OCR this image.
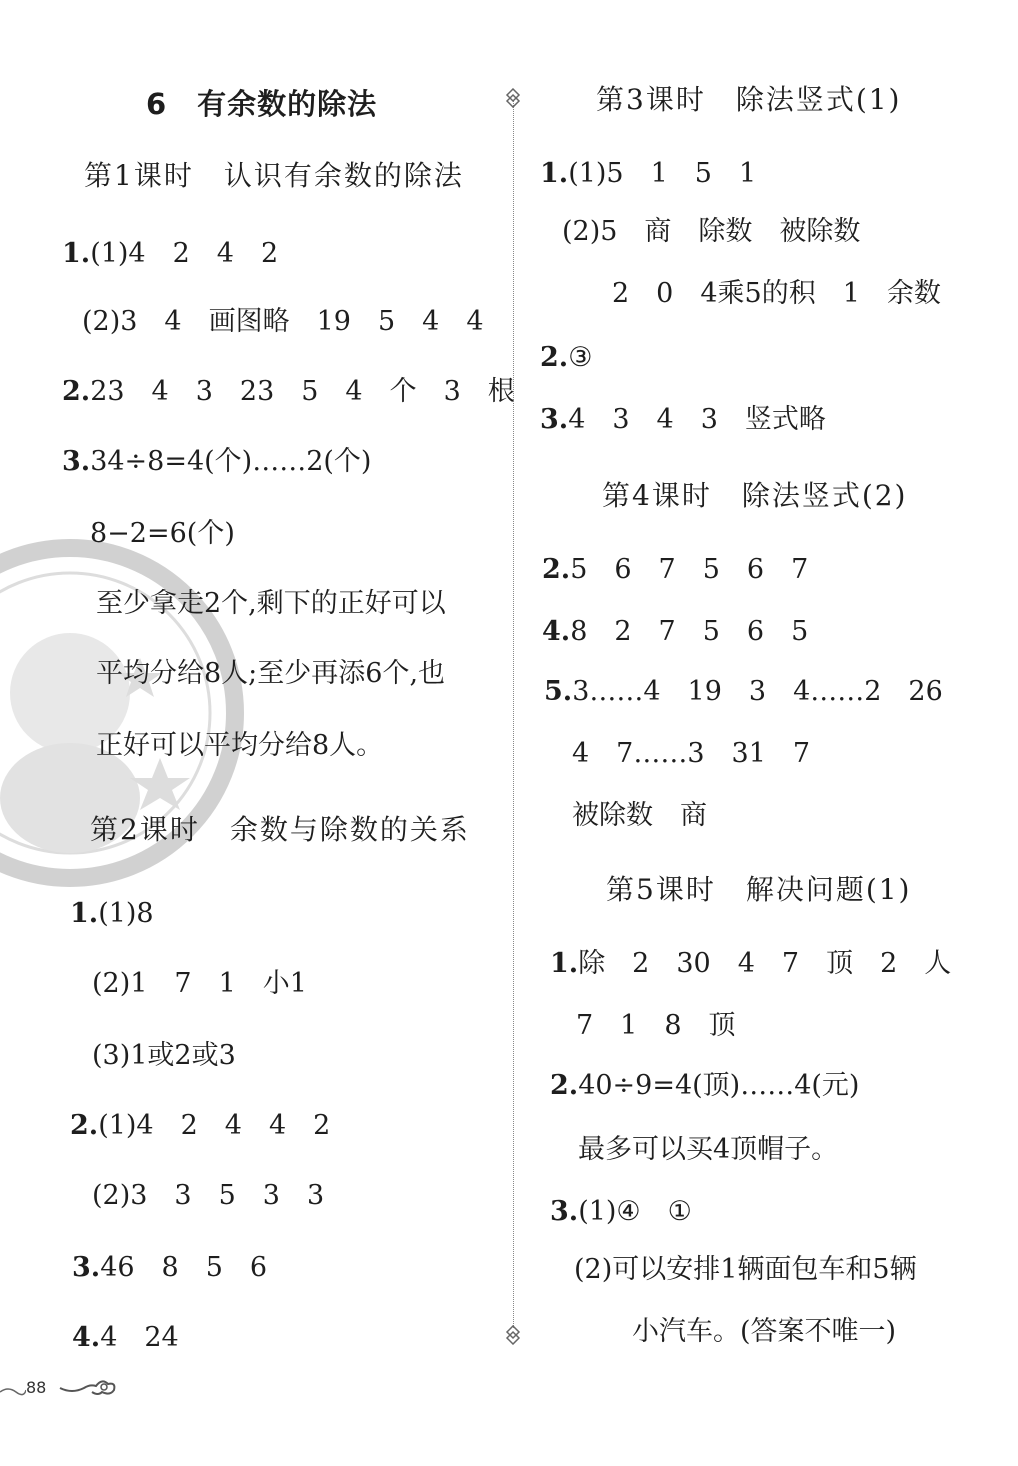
6　有余数的除法
第1课时　认识有余数的除法
1.(1)4　2　4　2
(2)3　4　画图略　19　5　4　4
2.23　4　3　23　5　4　个　3　根
3.34÷8=4(个)……2(个)
8−2=6(个)
至少拿走2个,剩下的正好可以
平均分给8人;至少再添6个,也
正好可以平均分给8人。
第2课时　余数与除数的关系
1.(1)8
(2)1　7　1　小1
(3)1或2或3
2.(1)4　2　4　4　2
(2)3　3　5　3　3
3.46　8　5　6
4.4　24
第3课时　除法竖式(1)
1.(1)5　1　5　1
(2)5　商　除数　被除数
2　0　4乘5的积　1　余数
2.③
3.4　3　4　3　竖式略
第4课时　除法竖式(2)
2.5　6　7　5　6　7
4.8　2　7　5　6　5
5.3……4　19　3　4……2　26
4　7……3　31　7
被除数　商
第5课时　解决问题(1)
1.除　2　30　4　7　顶　2　人
7　1　8　顶
2.40÷9=4(顶)……4(元)
最多可以买4顶帽子。
3.(1)④　①
(2)可以安排1辆面包车和5辆
小汽车。(答案不唯一)
88
